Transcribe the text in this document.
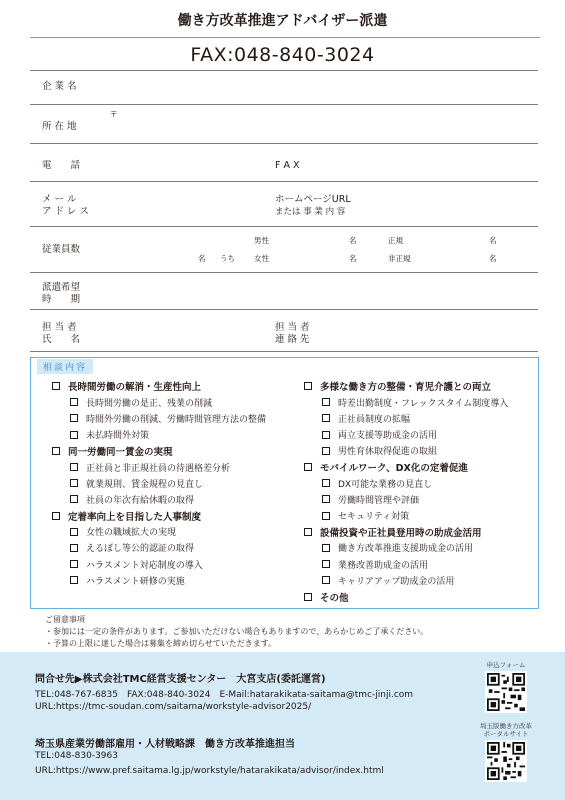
働き方改革推進アドバイザー派遣
FAX:048-840-3024
企 業 名
〒
所 在 地
電　　話	F A X
メ ー ル
ア ド レ ス
ホームページURL
または 事 業 内 容
従業員数
男性
女性
名 うち
名
名
正規
非正規
名
名
派遣希望
時　　期
担 当 者
氏　　名
担 当 者
連 絡 先
相談内容
長時間労働の解消・生産性向上
長時間労働の是正、残業の削減
時間外労働の削減、労働時間管理方法の整備
未払時間外対策
同一労働同一賃金の実現
正社員と非正規社員の待遇格差分析
就業規則、賃金規程の見直し
社員の年次有給休暇の取得
定着率向上を目指した人事制度
女性の職域拡大の実現
えるぼし等公的認証の取得
ハラスメント対応制度の導入
ハラスメント研修の実施
多様な働き方の整備・育児介護との両立
時差出勤制度・フレックスタイム制度導入
正社員制度の拡幅
両立支援等助成金の活用
男性育休取得促進の取組
モバイルワーク、DX化の定着促進
DX可能な業務の見直し
労働時間管理や評価
セキュリティ対策
設備投資や正社員登用時の助成金活用
働き方改革推進支援助成金の活用
業務改善助成金の活用
キャリアアップ助成金の活用
その他
ご留意事項
・参加には一定の条件があります。ご参加いただけない場合もありますので、あらかじめご了承ください。
・予算の上限に達した場合は募集を締め切らせていただきます。
問合せ先▶株式会社TMC経営支援センター　大宮支店(委託運営)
TEL:048-767-6835　FAX:048-840-3024　E-Mail:hatarakikata-saitama@tmc-jinji.com
URL:https://tmc-soudan.com/saitama/workstyle-advisor2025/
埼玉県産業労働部雇用・人材戦略課　働き方改革推進担当
TEL:048-830-3963
URL:https://www.pref.saitama.lg.jp/workstyle/hatarakikata/advisor/index.html
申込フォーム
埼玉版働き方改革
ポータルサイト
